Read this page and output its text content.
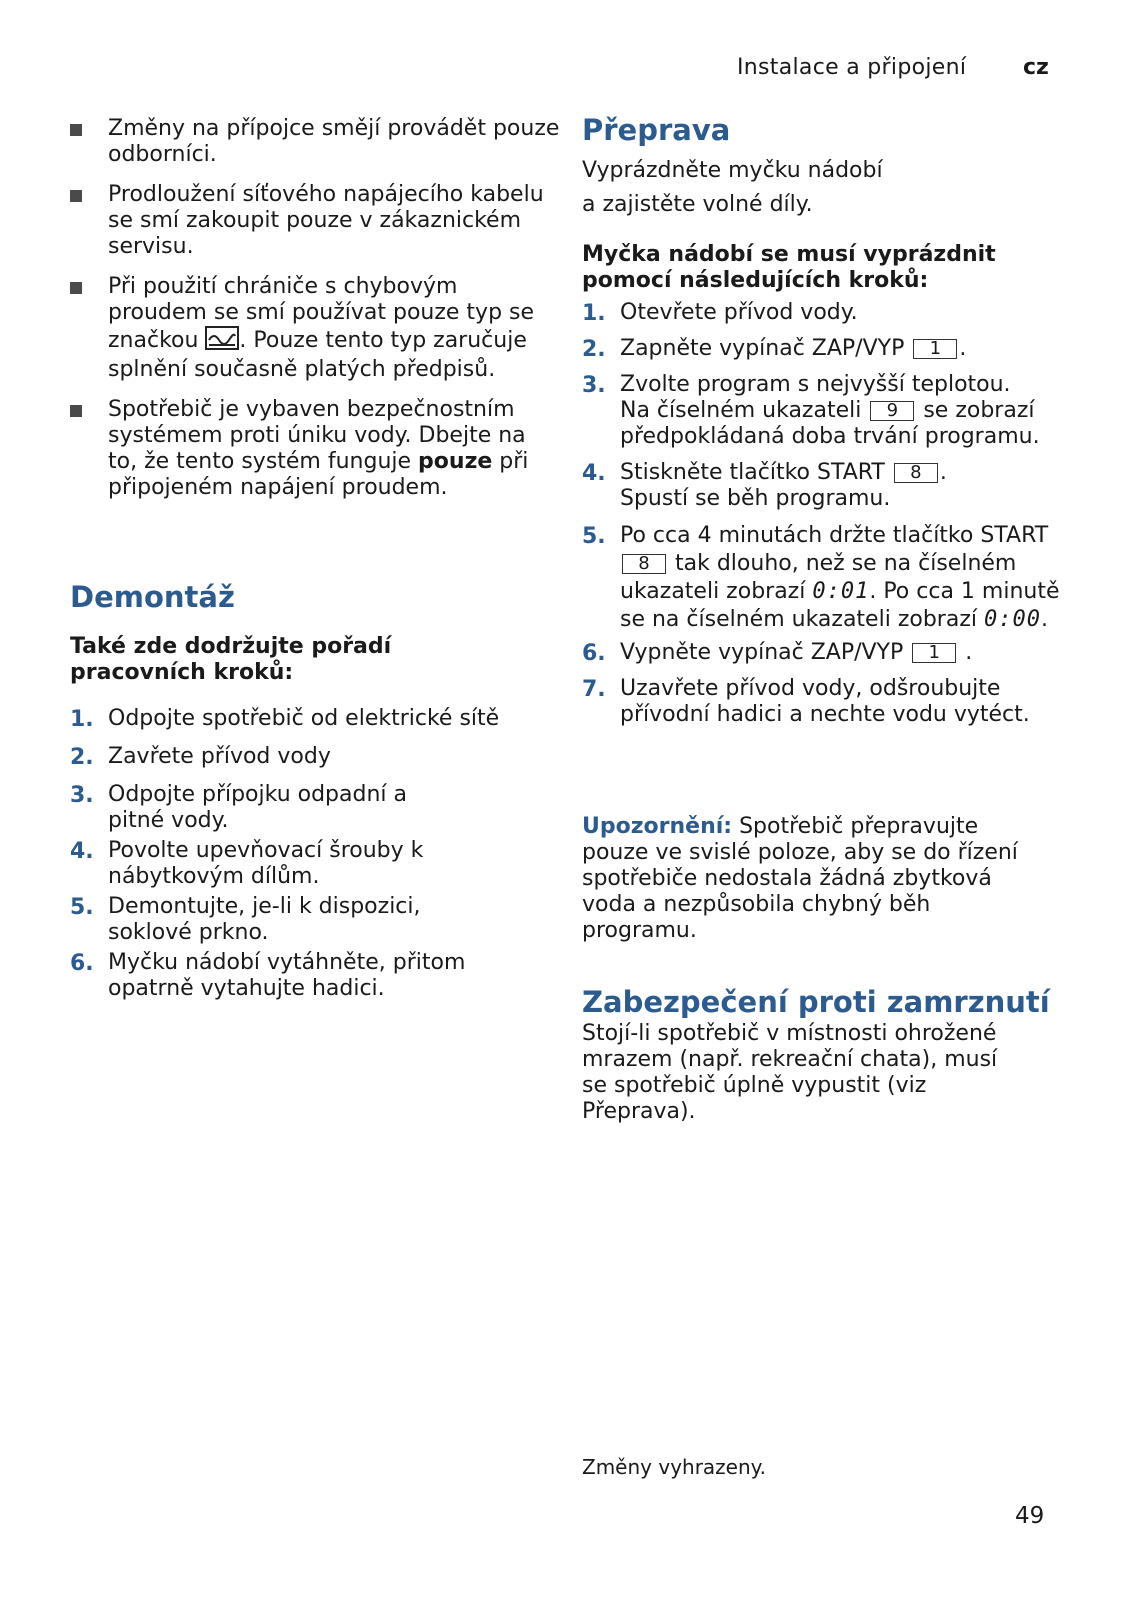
Instalace a připojení	cz
Změny na přípojce smějí provádět pouze odborníci.
Prodloužení síťového napájecího kabelu se smí zakoupit pouze v zákaznickém servisu.
Při použití chrániče s chybovým proudem se smí používat pouze typ se značkou . Pouze tento typ zaručuje splnění současně platých předpisů.
Spotřebič je vybaven bezpečnostním systémem proti úniku vody. Dbejte na to, že tento systém funguje pouze při připojeném napájení proudem.
Demontáž
Také zde dodržujte pořadí pracovních kroků:
1. Odpojte spotřebič od elektrické sítě
2. Zavřete přívod vody
3. Odpojte přípojku odpadní a pitné vody.
4. Povolte upevňovací šrouby k nábytkovým dílům.
5. Demontujte, je-li k dispozici, soklové prkno.
6. Myčku nádobí vytáhněte, přitom opatrně vytahujte hadici.
Přeprava
Vyprázdněte myčku nádobí
a zajistěte volné díly.
Myčka nádobí se musí vyprázdnit pomocí následujících kroků:
1. Otevřete přívod vody.
2. Zapněte vypínač ZAP/VYP 1 .
3. Zvolte program s nejvyšší teplotou. Na číselném ukazateli 9 se zobrazí předpokládaná doba trvání programu.
4. Stiskněte tlačítko START 8 . Spustí se běh programu.
5. Po cca 4 minutách držte tlačítko START 8 tak dlouho, než se na číselném ukazateli zobrazí 0:01. Po cca 1 minutě se na číselném ukazateli zobrazí 0:00.
6. Vypněte vypínač ZAP/VYP 1 .
7. Uzavřete přívod vody, odšroubujte přívodní hadici a nechte vodu vytéct.
Upozornění: Spotřebič přepravujte pouze ve svislé poloze, aby se do řízení spotřebiče nedostala žádná zbytková voda a nezpůsobila chybný běh programu.
Zabezpečení proti zamrznutí
Stojí-li spotřebič v místnosti ohrožené mrazem (např. rekreační chata), musí se spotřebič úplně vypustit (viz Přeprava).
Změny vyhrazeny.
49
